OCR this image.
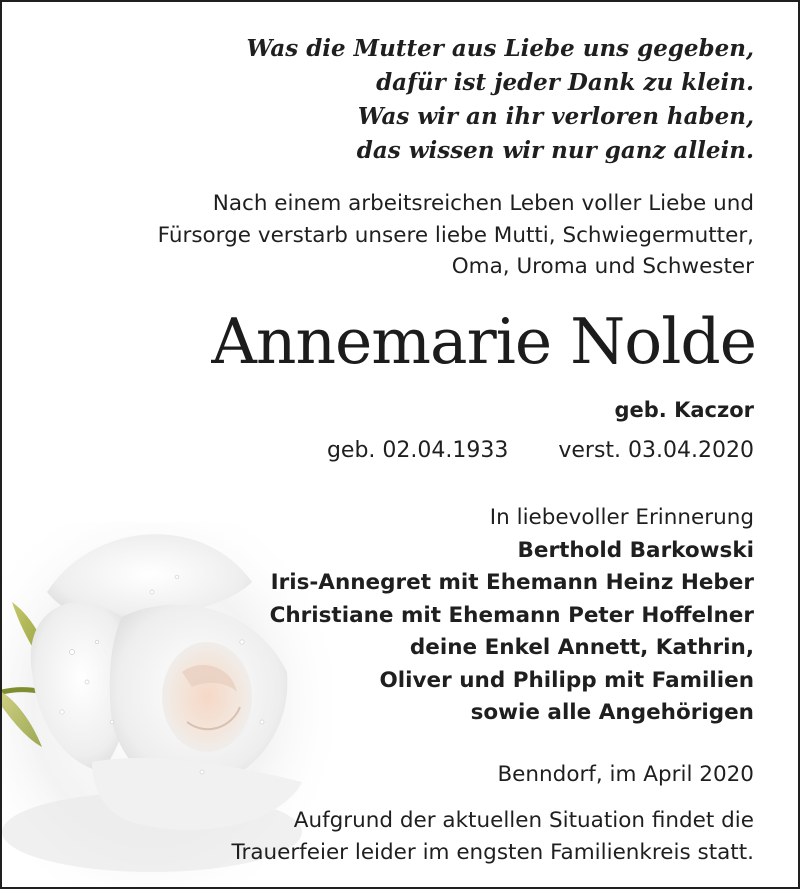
Was die Mutter aus Liebe uns gegeben,
dafür ist jeder Dank zu klein.
Was wir an ihr verloren haben,
das wissen wir nur ganz allein.
Nach einem arbeitsreichen Leben voller Liebe und
Fürsorge verstarb unsere liebe Mutti, Schwiegermutter,
Oma, Uroma und Schwester
Annemarie Nolde
geb. Kaczor
geb. 02.04.1933 verst. 03.04.2020
In liebevoller Erinnerung
Berthold Barkowski
Iris-Annegret mit Ehemann Heinz Heber
Christiane mit Ehemann Peter Hoffelner
deine Enkel Annett, Kathrin,
Oliver und Philipp mit Familien
sowie alle Angehörigen
Benndorf, im April 2020
Aufgrund der aktuellen Situation findet die
Trauerfeier leider im engsten Familienkreis statt.
